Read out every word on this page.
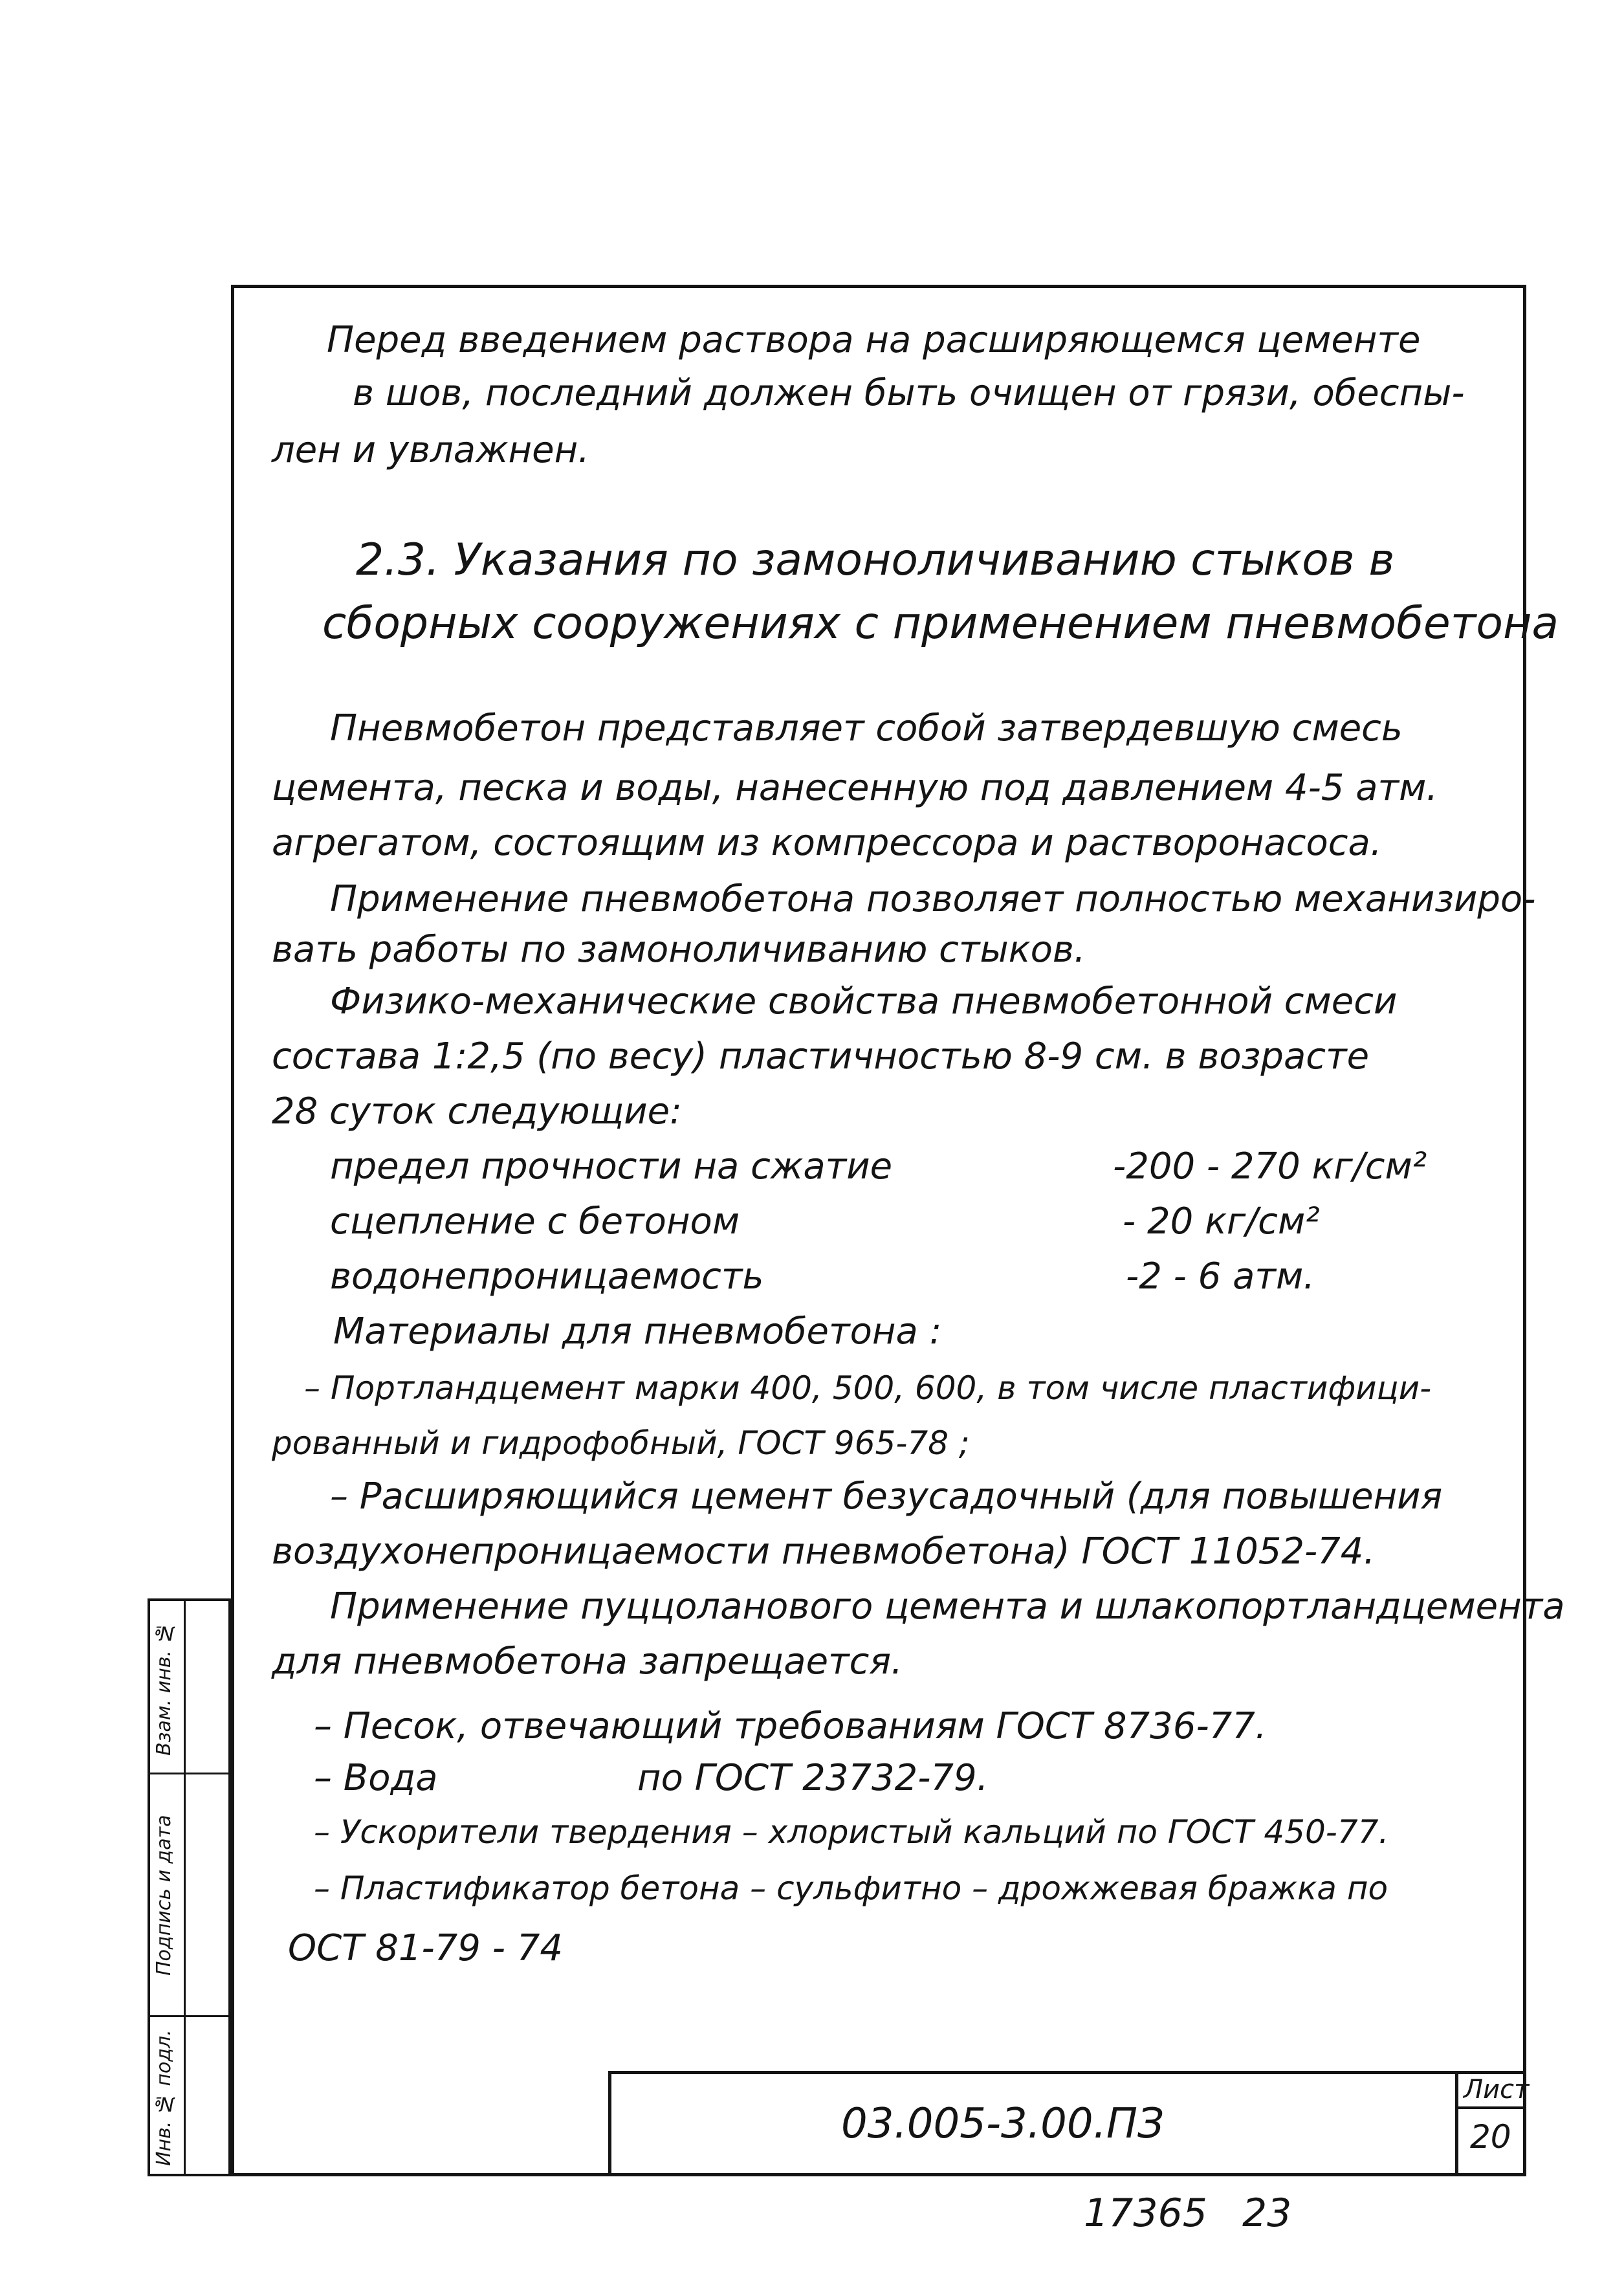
Перед введением раствора на расширяющемся цементе
в шов, последний должен быть очищен от грязи, обеспы-
лен и увлажнен.
2.3. Указания по замоноличиванию стыков в
сборных сооружениях с применением пневмобетона
Пневмобетон представляет собой затвердевшую смесь
цемента, песка и воды, нанесенную под давлением 4-5 атм.
агрегатом, состоящим из компрессора и растворонасоса.
Применение пневмобетона позволяет полностью механизиро-
вать работы по замоноличиванию стыков.
Физико-механические свойства пневмобетонной смеси
состава 1:2,5 (по весу) пластичностью 8-9 см. в возрасте
28 суток следующие:
предел прочности на сжатие	-200 - 270 кг/см²
сцепление с бетоном	- 20 кг/см²
водонепроницаемость	-2 - 6 атм.
Материалы для пневмобетона :
– Портландцемент марки 400, 500, 600, в том числе пластифици-
рованный и гидрофобный, ГОСТ 965-78 ;
– Расширяющийся цемент безусадочный (для повышения
воздухонепроницаемости пневмобетона) ГОСТ 11052-74.
Применение пуццоланового цемента и шлакопортландцемента
для пневмобетона запрещается.
– Песок, отвечающий требованиям ГОСТ 8736-77.
– Вода	по ГОСТ 23732-79.
– Ускорители твердения – хлористый кальций по ГОСТ 450-77.
– Пластификатор бетона – сульфитно – дрожжевая бражка по
ОСТ 81-79 - 74
Взам. инв. №
Подпись и дата
Инв. № подл.	03.005-3.00.ПЗ
Лист
20
17365 23
